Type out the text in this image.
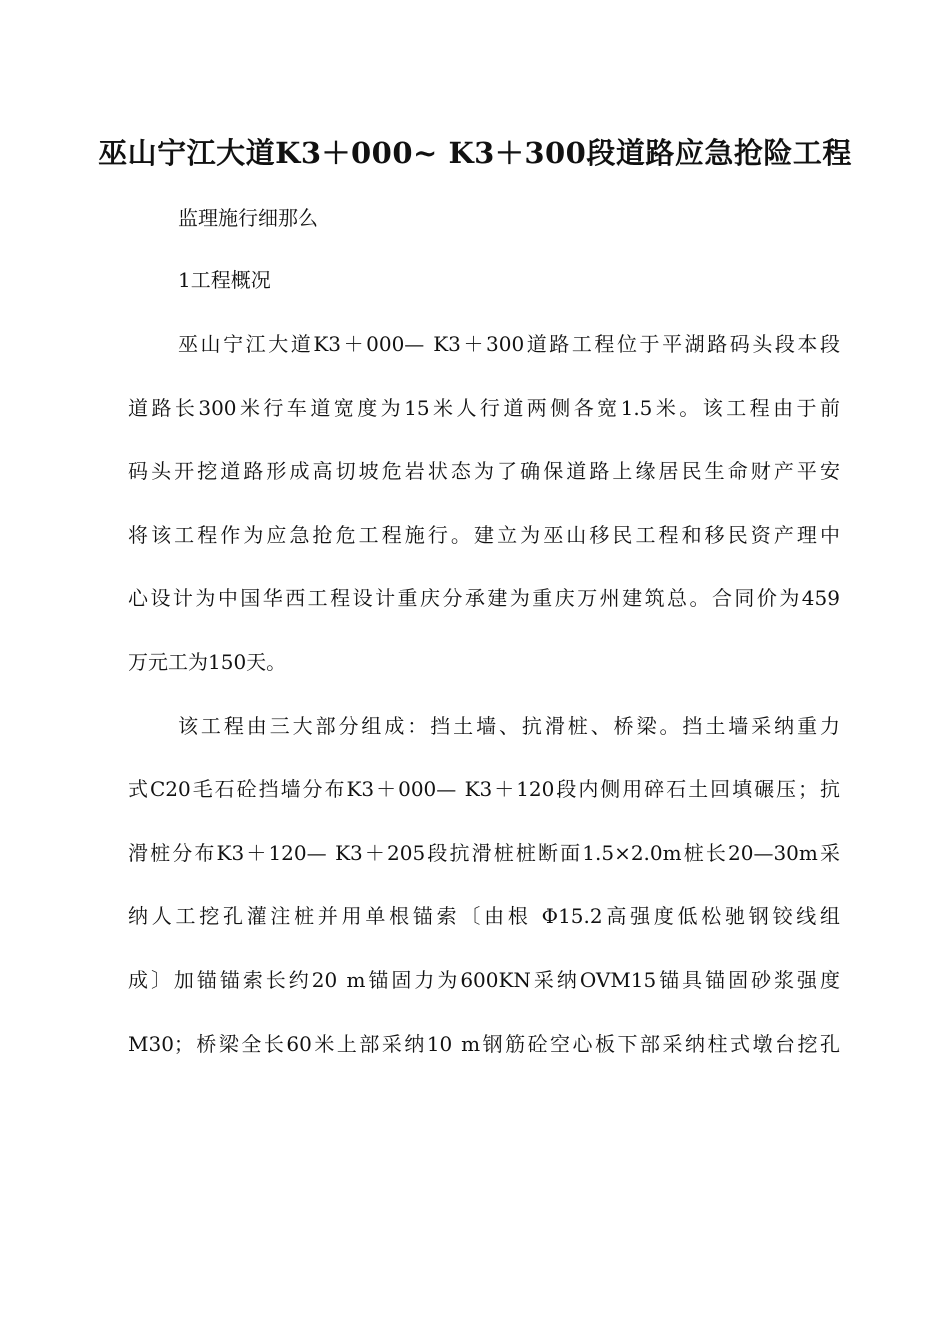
巫山宁江大道K3＋000~ K3＋300段道路应急抢险工程
监理施行细那么
1工程概况
巫山宁江大道K3＋000— K3＋300道路工程位于平湖路码头段本段
道路长300米行车道宽度为15米人行道两侧各宽1.5米。该工程由于前
码头开挖道路形成高切坡危岩状态为了确保道路上缘居民生命财产平安
将该工程作为应急抢危工程施行。建立为巫山移民工程和移民资产理中
心设计为中国华西工程设计重庆分承建为重庆万州建筑总。合同价为459
万元工为150天。
该工程由三大部分组成：挡土墙、抗滑桩、桥梁。挡土墙采纳重力
式C20毛石砼挡墙分布K3＋000— K3＋120段内侧用碎石土回填碾压；抗
滑桩分布K3＋120— K3＋205段抗滑桩桩断面1.5×2.0m桩长20—30m采
纳人工挖孔灌注桩并用单根锚索〔由根 Φ15.2高强度低松驰钢铰线组
成〕加锚锚索长约20 m锚固力为600KN采纳OVM15锚具锚固砂浆强度
M30；桥梁全长60米上部采纳10 m钢筋砼空心板下部采纳柱式墩台挖孔
